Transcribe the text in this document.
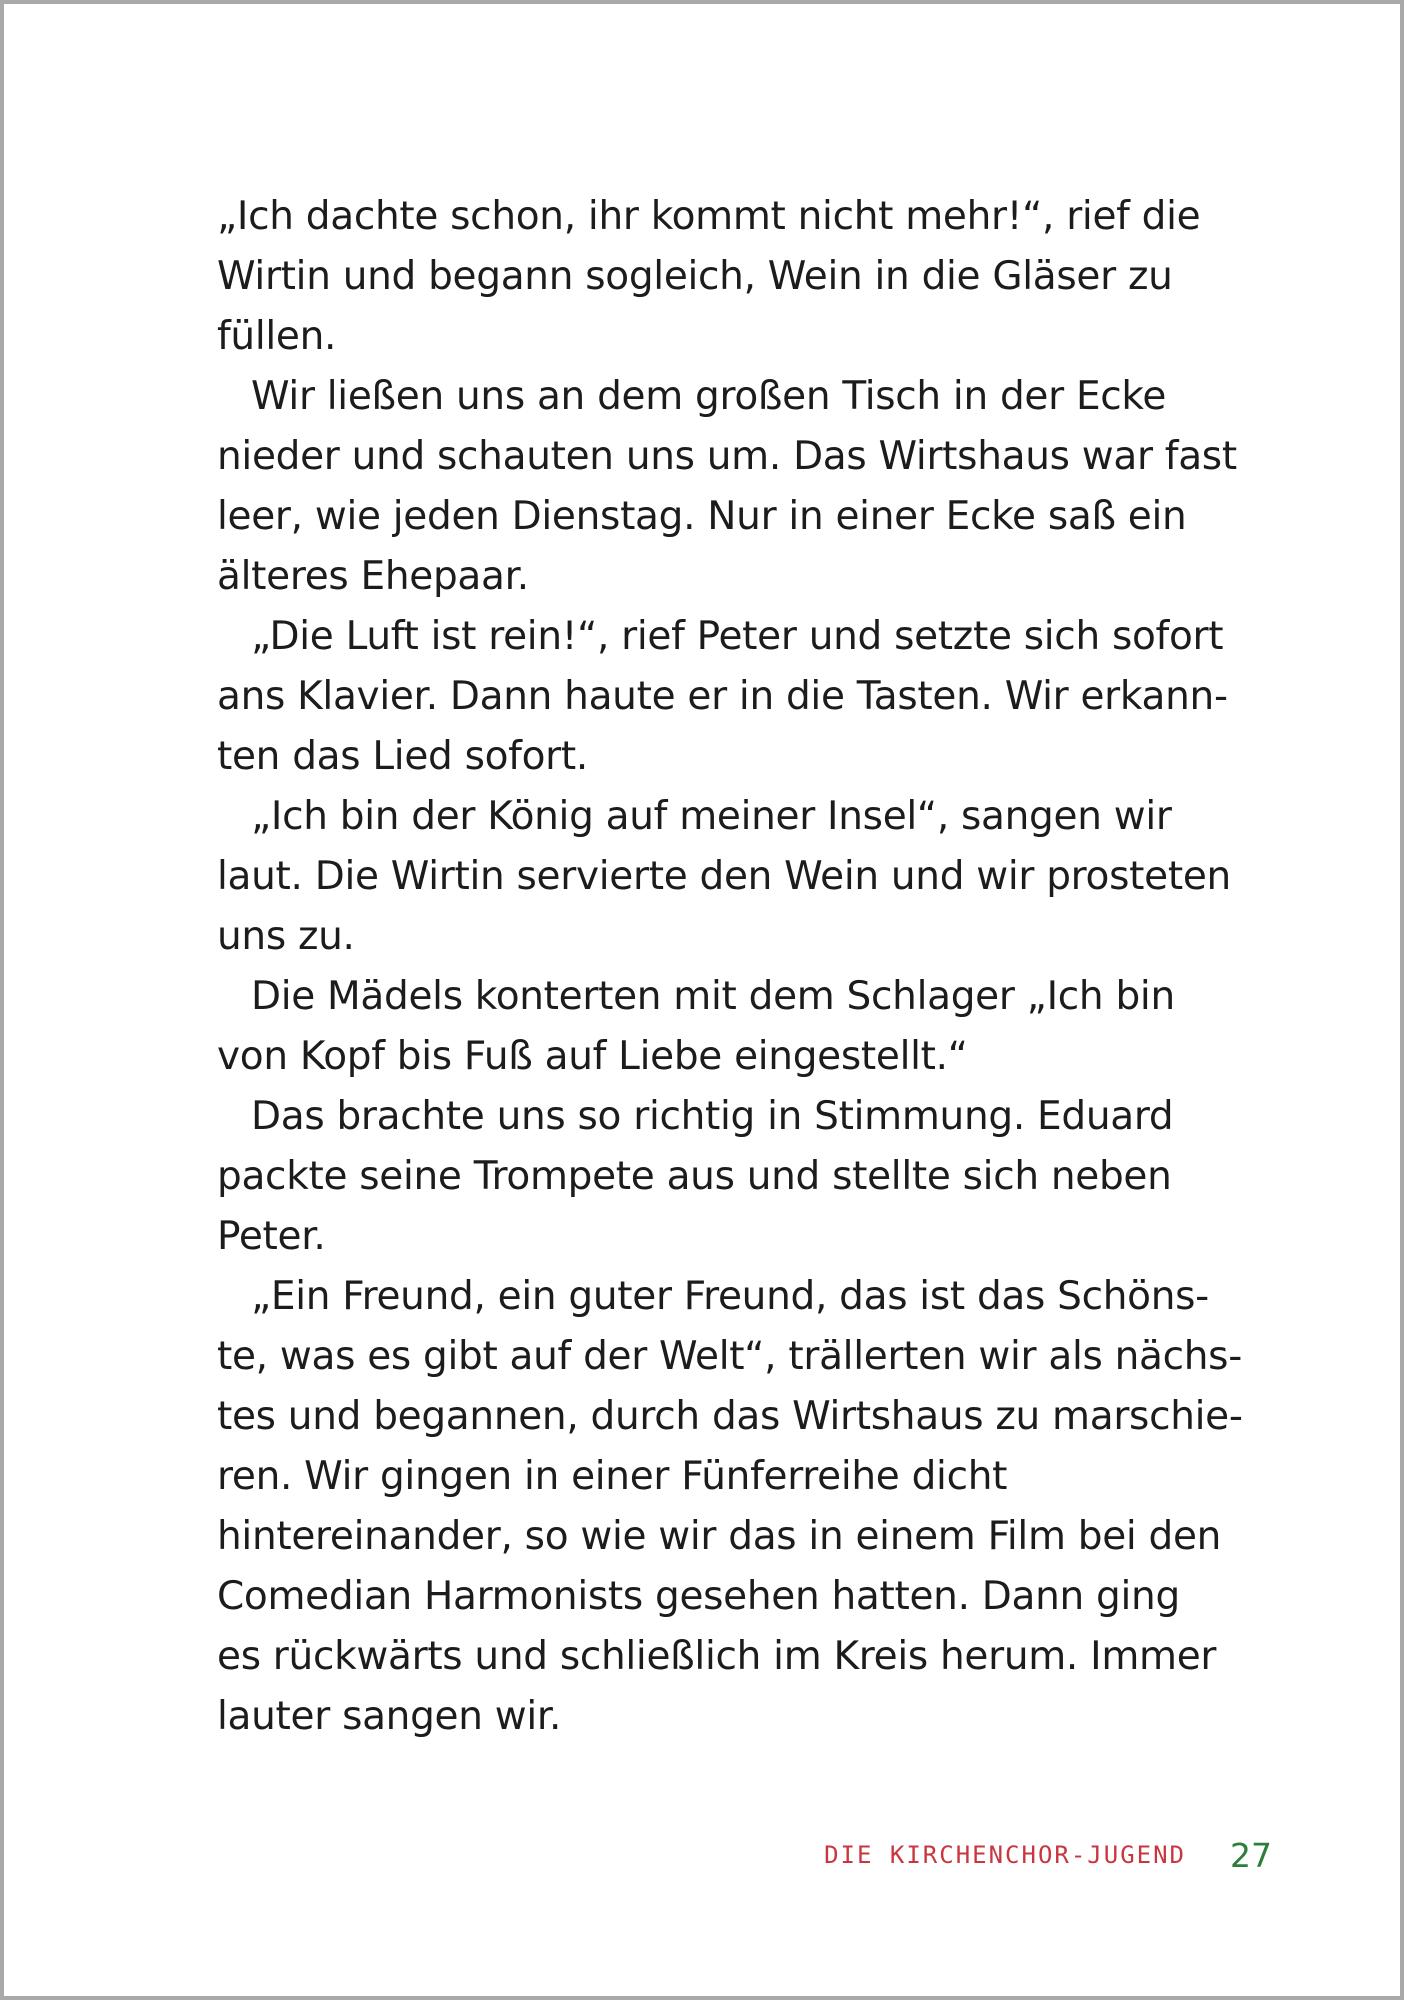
„Ich dachte schon, ihr kommt nicht mehr!“, rief die
Wirtin und begann sogleich, Wein in die Gläser zu
füllen.
Wir ließen uns an dem großen Tisch in der Ecke
nieder und schauten uns um. Das Wirtshaus war fast
leer, wie jeden Dienstag. Nur in einer Ecke saß ein
älteres Ehepaar.
„Die Luft ist rein!“, rief Peter und setzte sich sofort
ans Klavier. Dann haute er in die Tasten. Wir erkann-
ten das Lied sofort.
„Ich bin der König auf meiner Insel“, sangen wir
laut. Die Wirtin servierte den Wein und wir prosteten
uns zu.
Die Mädels konterten mit dem Schlager „Ich bin
von Kopf bis Fuß auf Liebe eingestellt.“
Das brachte uns so richtig in Stimmung. Eduard
packte seine Trompete aus und stellte sich neben
Peter.
„Ein Freund, ein guter Freund, das ist das Schöns-
te, was es gibt auf der Welt“, trällerten wir als nächs-
tes und begannen, durch das Wirtshaus zu marschie-
ren. Wir gingen in einer Fünferreihe dicht
hintereinander, so wie wir das in einem Film bei den
Comedian Harmonists gesehen hatten. Dann ging
es rückwärts und schließlich im Kreis herum. Immer
lauter sangen wir.
DIE KIRCHENCHOR-JUGEND 27
